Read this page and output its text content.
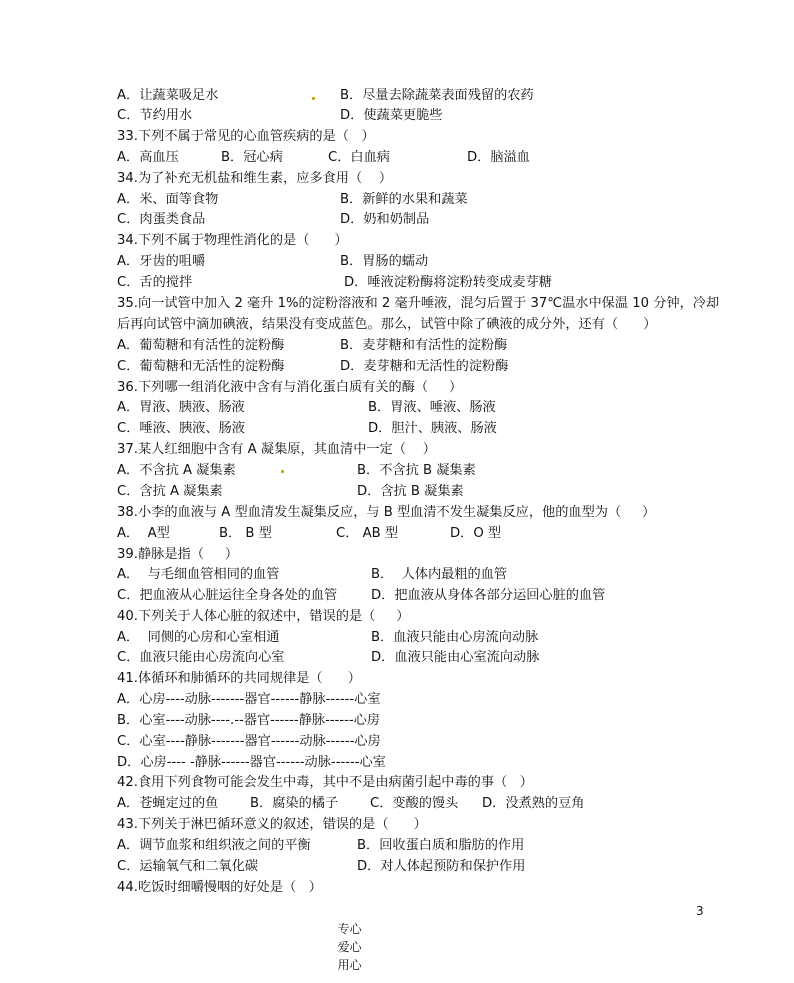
A．让蔬菜吸足水	B．尽量去除蔬菜表面残留的农药
C．节约用水	D．使蔬菜更脆些
33.下列不属于常见的心血管疾病的是（   ）
A．高血压	B．冠心病	C．白血病	D．脑溢血
34.为了补充无机盐和维生素，应多食用（    ）
A．米、面等食物	B．新鲜的水果和蔬菜
C．肉蛋类食品	D．奶和奶制品
34.下列不属于物理性消化的是（      ）
A．牙齿的咀嚼	B．胃肠的蠕动
C．舌的搅拌	D．唾液淀粉酶将淀粉转变成麦芽糖
35.向一试管中加入 2 毫升 1%的淀粉溶液和 2 毫升唾液，混匀后置于 37℃温水中保温 10 分钟，冷却
后再向试管中滴加碘液，结果没有变成蓝色。那么，试管中除了碘液的成分外，还有（      ）
A．葡萄糖和有活性的淀粉酶	B．麦芽糖和有活性的淀粉酶
C．葡萄糖和无活性的淀粉酶	D．麦芽糖和无活性的淀粉酶
36.下列哪一组消化液中含有与消化蛋白质有关的酶（     ）
A．胃液、胰液、肠液	B．胃液、唾液、肠液
C．唾液、胰液、肠液	D．胆汁、胰液、肠液
37.某人红细胞中含有 A 凝集原，其血清中一定（    ）
A．不含抗 A 凝集素	B．不含抗 B 凝集素
C．含抗 A 凝集素	D．含抗 B 凝集素
38.小李的血液与 A 型血清发生凝集反应，与 B 型血清不发生凝集反应，他的血型为（     ）
A．  A型	B． B 型	C． AB 型	D．O 型
39.静脉是指（     ）
A．  与毛细血管相同的血管	B．  人体内最粗的血管
C．把血液从心脏运往全身各处的血管	D．把血液从身体各部分运回心脏的血管
40.下列关于人体心脏的叙述中，错误的是（     ）
A．  同侧的心房和心室相通	B．血液只能由心房流向动脉
C．血液只能由心房流向心室	D．血液只能由心室流向动脉
41.体循环和肺循环的共同规律是（      ）
A．心房----动脉-------器官------静脉------心室
B．心室----动脉----.--器官------静脉------心房
C．心室----静脉-------器官------动脉------心房
D．心房---- -静脉------器官------动脉------心室
42.食用下列食物可能会发生中毒，其中不是由病菌引起中毒的事（   ）
A．苍蝇定过的鱼 B．腐染的橘子 C．变酸的馒头 D．没煮熟的豆角
43.下列关于淋巴循环意义的叙述，错误的是（      ）
A．调节血浆和组织液之间的平衡	B．回收蛋白质和脂肪的作用
C．运输氧气和二氧化碳	D．对人体起预防和保护作用
44.吃饭时细嚼慢咽的好处是（   ）

专心
爱心
用心

3
